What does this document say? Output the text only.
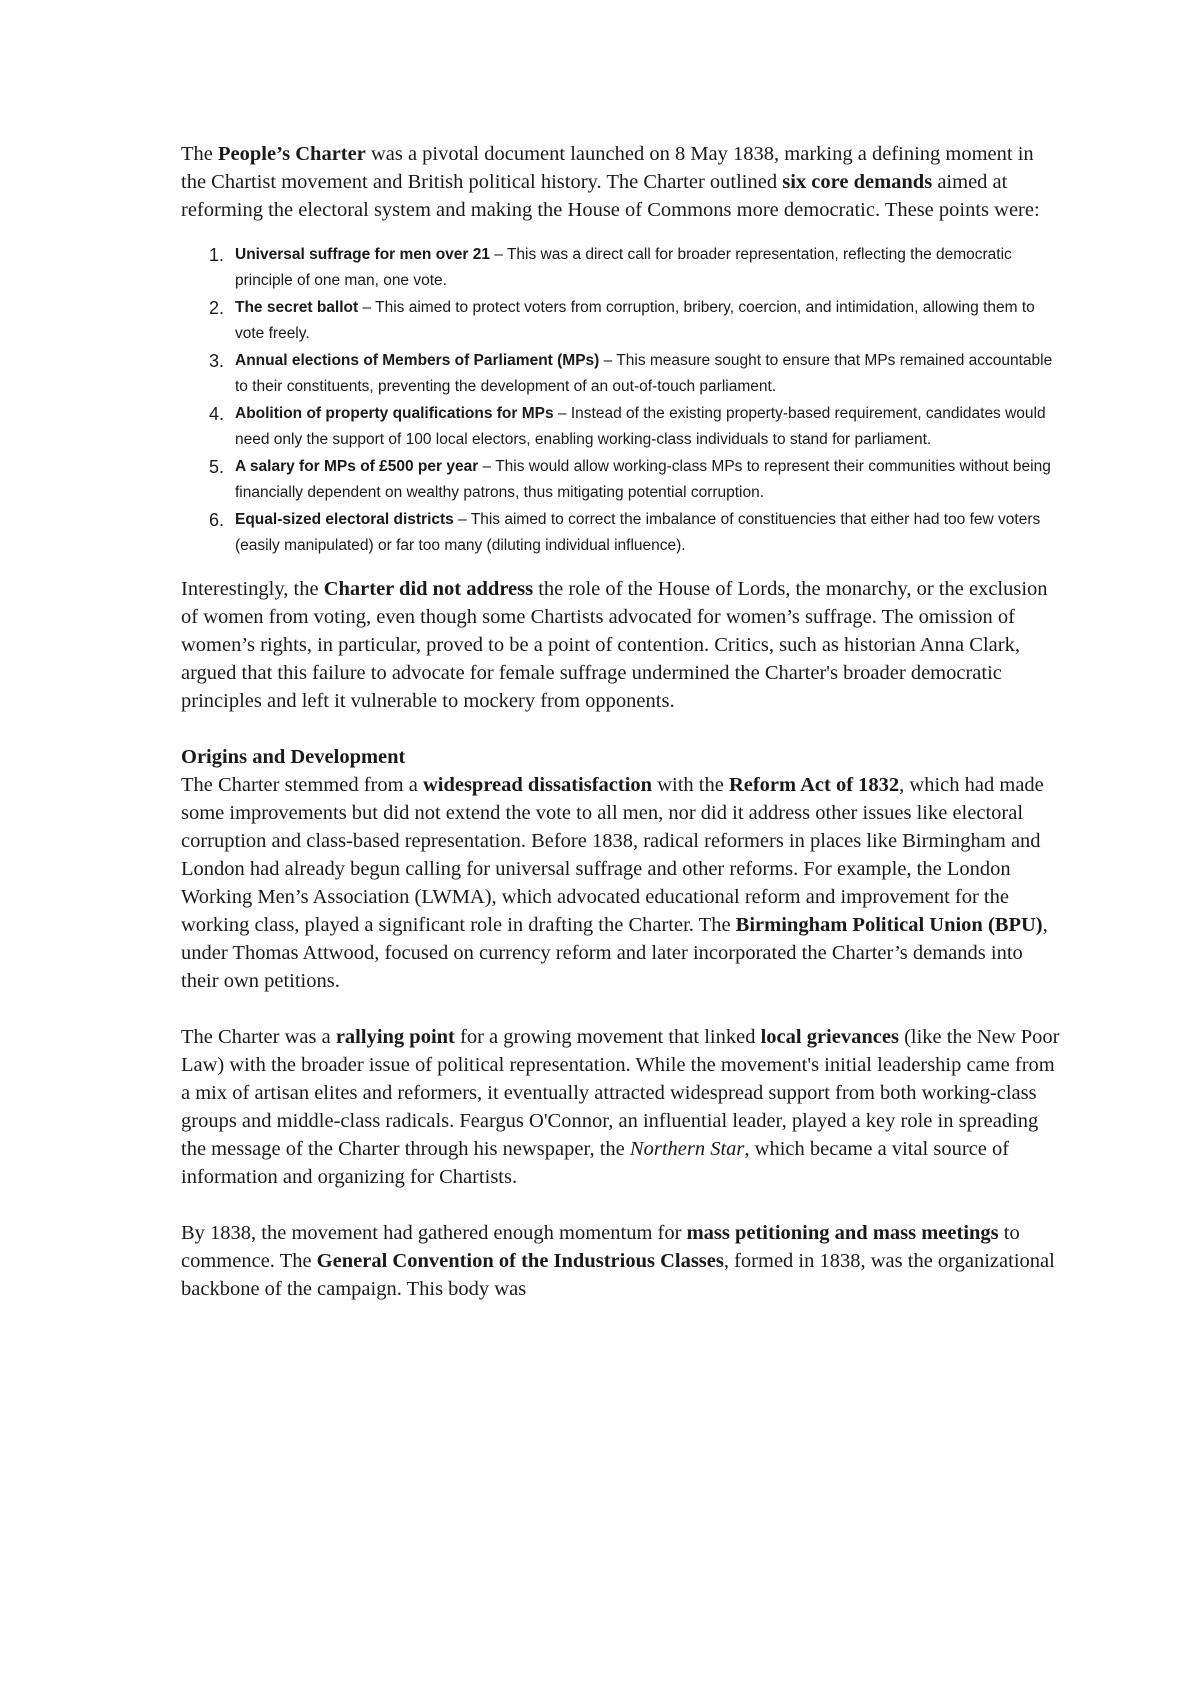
The People’s Charter was a pivotal document launched on 8 May 1838, marking a defining moment in the Chartist movement and British political history. The Charter outlined six core demands aimed at reforming the electoral system and making the House of Commons more democratic. These points were:

1. Universal suffrage for men over 21 – This was a direct call for broader representation, reflecting the democratic principle of one man, one vote.
2. The secret ballot – This aimed to protect voters from corruption, bribery, coercion, and intimidation, allowing them to vote freely.
3. Annual elections of Members of Parliament (MPs) – This measure sought to ensure that MPs remained accountable to their constituents, preventing the development of an out-of-touch parliament.
4. Abolition of property qualifications for MPs – Instead of the existing property-based requirement, candidates would need only the support of 100 local electors, enabling working-class individuals to stand for parliament.
5. A salary for MPs of £500 per year – This would allow working-class MPs to represent their communities without being financially dependent on wealthy patrons, thus mitigating potential corruption.
6. Equal-sized electoral districts – This aimed to correct the imbalance of constituencies that either had too few voters (easily manipulated) or far too many (diluting individual influence).

Interestingly, the Charter did not address the role of the House of Lords, the monarchy, or the exclusion of women from voting, even though some Chartists advocated for women’s suffrage. The omission of women’s rights, in particular, proved to be a point of contention. Critics, such as historian Anna Clark, argued that this failure to advocate for female suffrage undermined the Charter's broader democratic principles and left it vulnerable to mockery from opponents.

Origins and Development

The Charter stemmed from a widespread dissatisfaction with the Reform Act of 1832, which had made some improvements but did not extend the vote to all men, nor did it address other issues like electoral corruption and class-based representation. Before 1838, radical reformers in places like Birmingham and London had already begun calling for universal suffrage and other reforms. For example, the London Working Men’s Association (LWMA), which advocated educational reform and improvement for the working class, played a significant role in drafting the Charter. The Birmingham Political Union (BPU), under Thomas Attwood, focused on currency reform and later incorporated the Charter’s demands into their own petitions.

The Charter was a rallying point for a growing movement that linked local grievances (like the New Poor Law) with the broader issue of political representation. While the movement's initial leadership came from a mix of artisan elites and reformers, it eventually attracted widespread support from both working-class groups and middle-class radicals. Feargus O'Connor, an influential leader, played a key role in spreading the message of the Charter through his newspaper, the Northern Star, which became a vital source of information and organizing for Chartists.

By 1838, the movement had gathered enough momentum for mass petitioning and mass meetings to commence. The General Convention of the Industrious Classes, formed in 1838, was the organizational backbone of the campaign. This body was
